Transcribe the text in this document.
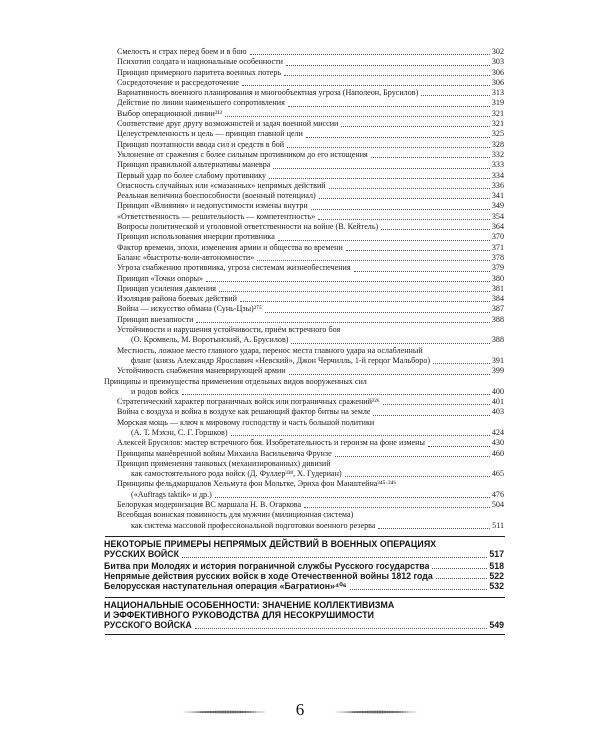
Смелость и страх перед боем и в бою	302
Психотип солдата и национальные особенности	303
Принцип примерного паритета военных потерь	306
Сосредоточение и рассредоточение	306
Вариативность военного планирования и многообъектная угроза (Наполеон, Брусилов)	313
Действие по линии наименьшего сопротивления	319
Выбор операционной линии²¹³	321
Соответствие друг другу возможностей и задач военной миссии	321
Целеустремленность и цель — принцип главной цели	325
Принцип поэтапности ввода сил и средств в бой	328
Уклонение от сражения с более сильным противником до его истощения	332
Принцип правильной альтернативы маневра	333
Первый удар по более слабому противнику	334
Опасность случайных или «смазанных» непрямых действий	336
Реальная величина боеспособности (военный потенциал)	341
Принцип «Влияния» и недопустимости измены внутри	349
«Ответственность — решительность — компетентность»	354
Вопросы политической и уголовной ответственности на войне (В. Кейтель)	364
Принцип использования инерции противника	370
Фактор времени, эпохи, изменения армии и общества во времени	371
Баланс «быстроты-воли-автономности»	378
Угроза снабжению противника, угроза системам жизнеобеспечения	379
Принцип «Точки опоры»	380
Принцип усиления давления	381
Изоляция района боевых действий	384
Война — искусство обмана (Сунь-Цзы)²⁷⁵	387
Принцип внезапности	388
Устойчивости и нарушения устойчивости, приём встречного боя
(О. Кромвель, М. Воротынский, А. Брусилов)	388
Местность, ложное место главного удара, перенос места главного удара на ослабленный
фланг (князь Александр Ярославич «Невский», Джон Черчилль, 1-й герцог Мальборо)	391
Устойчивость снабжения маневрирующей армии	399
Принципы и преимущества применения отдельных видов вооруженных сил
и родов войск	400
Стратегический характер пограничных войск или пограничных сражений³²⁶	401
Война с воздуха и война в воздухе как решающий фактор битвы на земле	403
Морская мощь — ключ к мировому господству и часть большой политики
(А. Т. Мэхэн, С. Г. Горшков)	424
Алексей Брусилов: мастер встречного боя. Изобретательность и героизм на фоне измены	430
Принципы манёвренной войны Михаила Васильевича Фрунзе	460
Принцип применения танковых (механизированных) дивизий
как самостоятельного рода войск (Д. Фуллер³³⁸, Х. Гудериан)	465
Принципы фельдмаршалов Хельмута фон Мольтке, Эриха фон Манштейна³⁴⁵·³⁴⁶
(«Auftrags taktik» и др.)	476
Белорукая модернизация ВС маршала Н. В. Огаркова	504
Всеобщая воинская повинность для мужчин (милиционная система)
как система массовой профессиональной подготовки военного резерва	511
НЕКОТОРЫЕ ПРИМЕРЫ НЕПРЯМЫХ ДЕЙСТВИЙ В ВОЕННЫХ ОПЕРАЦИЯХ
РУССКИХ ВОЙСК	517
Битва при Молодях и история пограничной службы Русского государства	518
Непрямые действия русских войск в ходе Отечественной войны 1812 года	522
Белорусская наступательная операция «Багратион»⁴⁰⁶	532
НАЦИОНАЛЬНЫЕ ОСОБЕННОСТИ: ЗНАЧЕНИЕ КОЛЛЕКТИВИЗМА
И ЭФФЕКТИВНОГО РУКОВОДСТВА ДЛЯ НЕСОКРУШИМОСТИ
РУССКОГО ВОЙСКА	549
6
